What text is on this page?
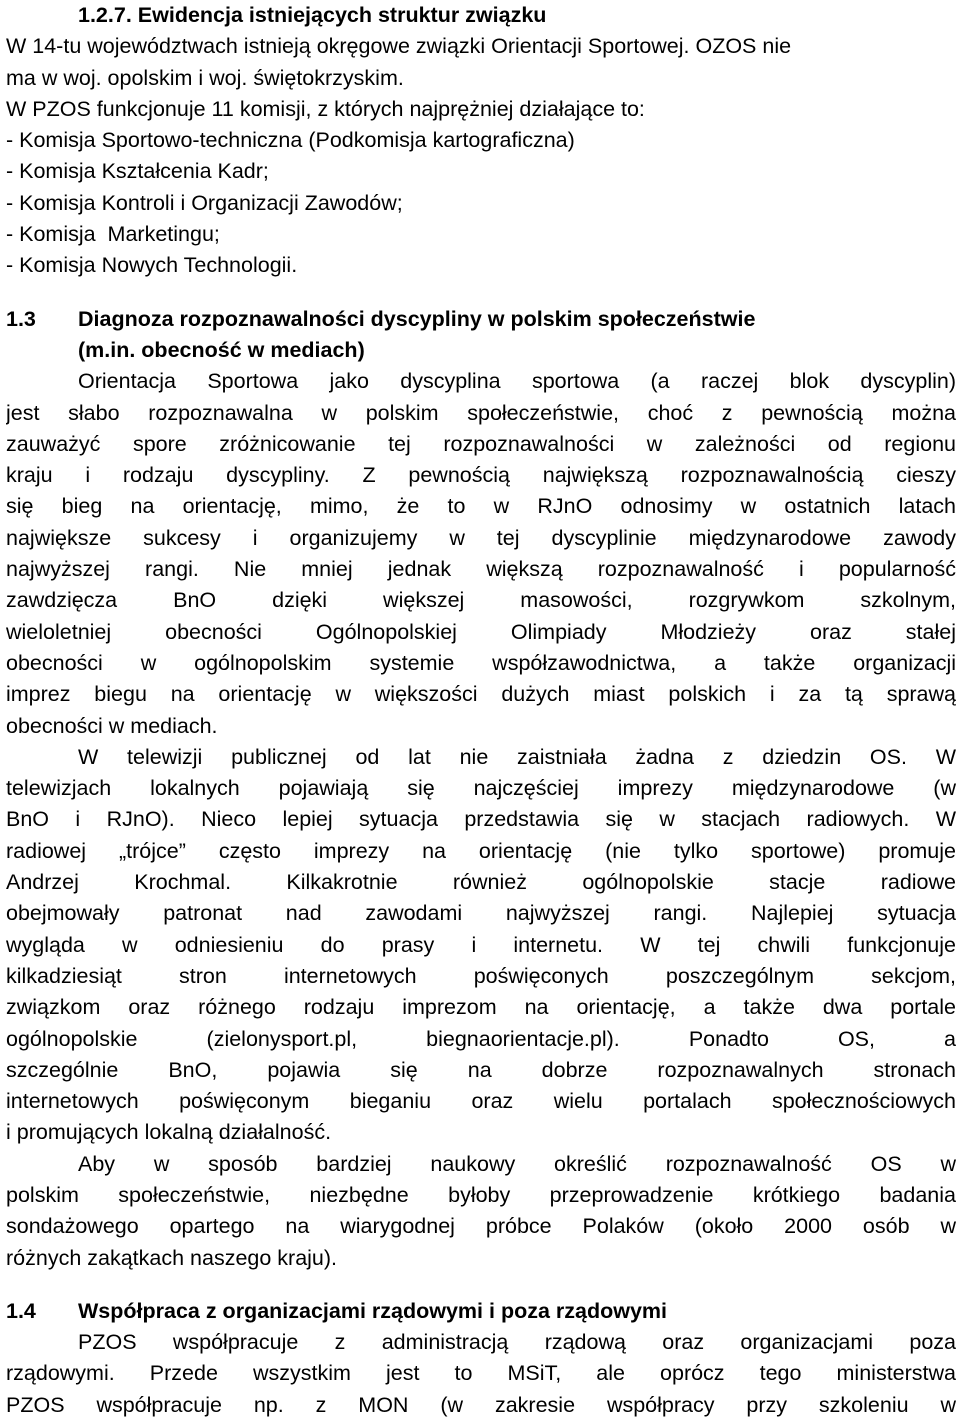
1.2.7. Ewidencja istniejących struktur związku
W 14-tu województwach istnieją okręgowe związki Orientacji Sportowej. OZOS nie
ma w woj. opolskim i woj. świętokrzyskim.
W PZOS funkcjonuje 11 komisji, z których najprężniej działające to:
- Komisja Sportowo-techniczna (Podkomisja kartograficzna)
- Komisja Kształcenia Kadr;
- Komisja Kontroli i Organizacji Zawodów;
- Komisja  Marketingu;
- Komisja Nowych Technologii.
1.3	Diagnoza rozpoznawalności dyscypliny w polskim społeczeństwie
(m.in. obecność w mediach)
Orientacja Sportowa jako dyscyplina sportowa (a raczej blok dyscyplin)
jest słabo rozpoznawalna w polskim społeczeństwie, choć z pewnością można
zauważyć spore zróżnicowanie tej rozpoznawalności w zależności od regionu
kraju i rodzaju dyscypliny. Z pewnością największą rozpoznawalnością cieszy
się bieg na orientację, mimo, że to w RJnO odnosimy w ostatnich latach
największe sukcesy i organizujemy w tej dyscyplinie międzynarodowe zawody
najwyższej rangi. Nie mniej jednak większą rozpoznawalność i popularność
zawdzięcza BnO dzięki większej masowości, rozgrywkom szkolnym,
wieloletniej obecności Ogólnopolskiej Olimpiady Młodzieży oraz stałej
obecności w ogólnopolskim systemie współzawodnictwa, a także organizacji
imprez biegu na orientację w większości dużych miast polskich i za tą sprawą
obecności w mediach.
W telewizji publicznej od lat nie zaistniała żadna z dziedzin OS. W
telewizjach lokalnych pojawiają się najczęściej imprezy międzynarodowe (w
BnO i RJnO). Nieco lepiej sytuacja przedstawia się w stacjach radiowych. W
radiowej „trójce” często imprezy na orientację (nie tylko sportowe) promuje
Andrzej Krochmal. Kilkakrotnie również ogólnopolskie stacje radiowe
obejmowały patronat nad zawodami najwyższej rangi. Najlepiej sytuacja
wygląda w odniesieniu do prasy i internetu. W tej chwili funkcjonuje
kilkadziesiąt stron internetowych poświęconych poszczególnym sekcjom,
związkom oraz różnego rodzaju imprezom na orientację, a także dwa portale
ogólnopolskie (zielonysport.pl, biegnaorientacje.pl). Ponadto OS, a
szczególnie BnO, pojawia się na dobrze rozpoznawalnych stronach
internetowych poświęconym bieganiu oraz wielu portalach społecznościowych
i promujących lokalną działalność.
Aby w sposób bardziej naukowy określić rozpoznawalność OS w
polskim społeczeństwie, niezbędne byłoby przeprowadzenie krótkiego badania
sondażowego opartego na wiarygodnej próbce Polaków (około 2000 osób w
różnych zakątkach naszego kraju).
1.4	Współpraca z organizacjami rządowymi i poza rządowymi
PZOS współpracuje z administracją rządową oraz organizacjami poza
rządowymi. Przede wszystkim jest to MSiT, ale oprócz tego ministerstwa
PZOS współpracuje np. z MON (w zakresie współpracy przy szkoleniu w
